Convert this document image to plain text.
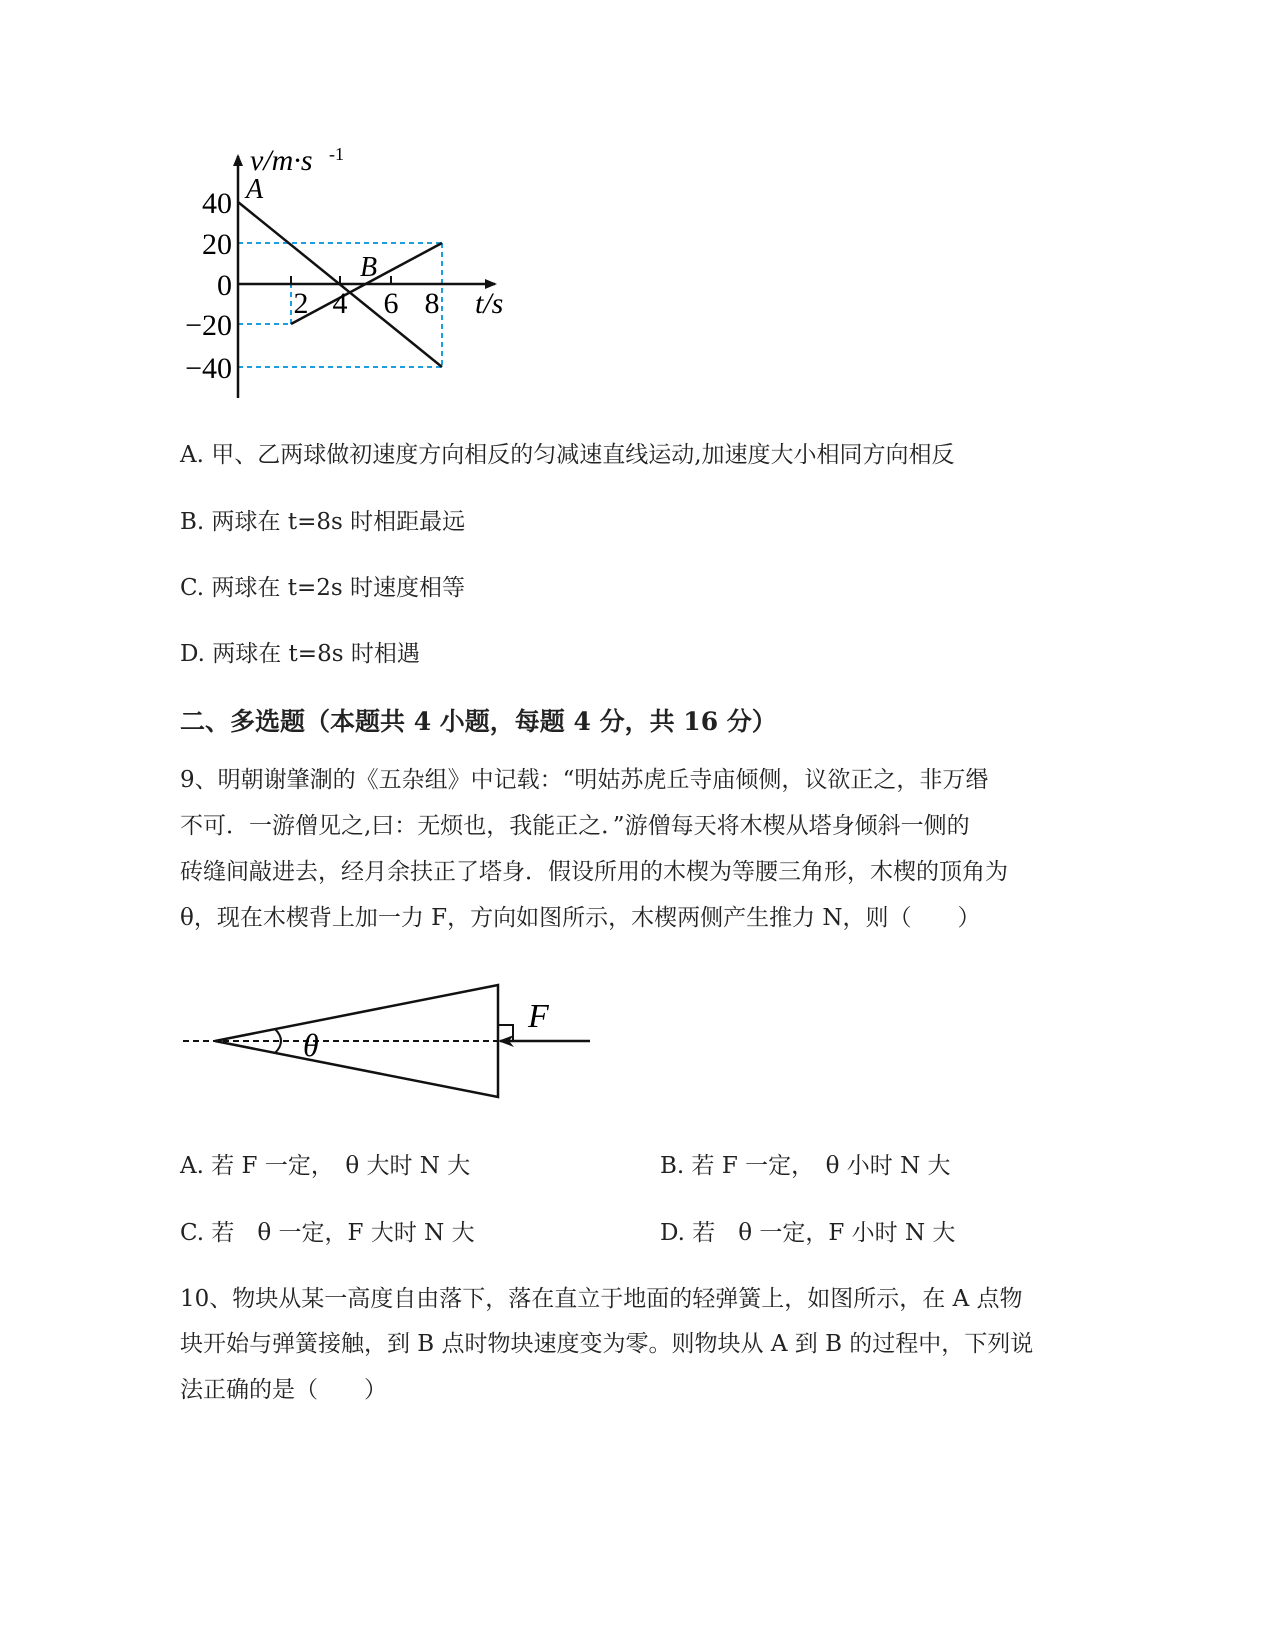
v/m·s -1
A
B
40
20
0
−20
−40
2 4 6 8 t/s
A. 甲、乙两球做初速度方向相反的匀减速直线运动,加速度大小相同方向相反
B. 两球在 t=8s 时相距最远
C. 两球在 t=2s 时速度相等
D. 两球在 t=8s 时相遇
二、多选题（本题共 4 小题，每题 4 分，共 16 分）
9、明朝谢肇淛的《五杂组》中记载：“明姑苏虎丘寺庙倾侧，议欲正之，非万缗
不可．一游僧见之,曰：无烦也，我能正之．”游僧每天将木楔从塔身倾斜一侧的
砖缝间敲进去，经月余扶正了塔身．假设所用的木楔为等腰三角形，木楔的顶角为
θ，现在木楔背上加一力 F，方向如图所示，木楔两侧产生推力 N，则（　　）
F
θ
A. 若 F 一定，　θ 大时 N 大	B. 若 F 一定，　θ 小时 N 大
C. 若　θ 一定，F 大时 N 大	D. 若　θ 一定，F 小时 N 大
10、物块从某一高度自由落下，落在直立于地面的轻弹簧上，如图所示，在 A 点物
块开始与弹簧接触，到 B 点时物块速度变为零。则物块从 A 到 B 的过程中，下列说
法正确的是（　　）
